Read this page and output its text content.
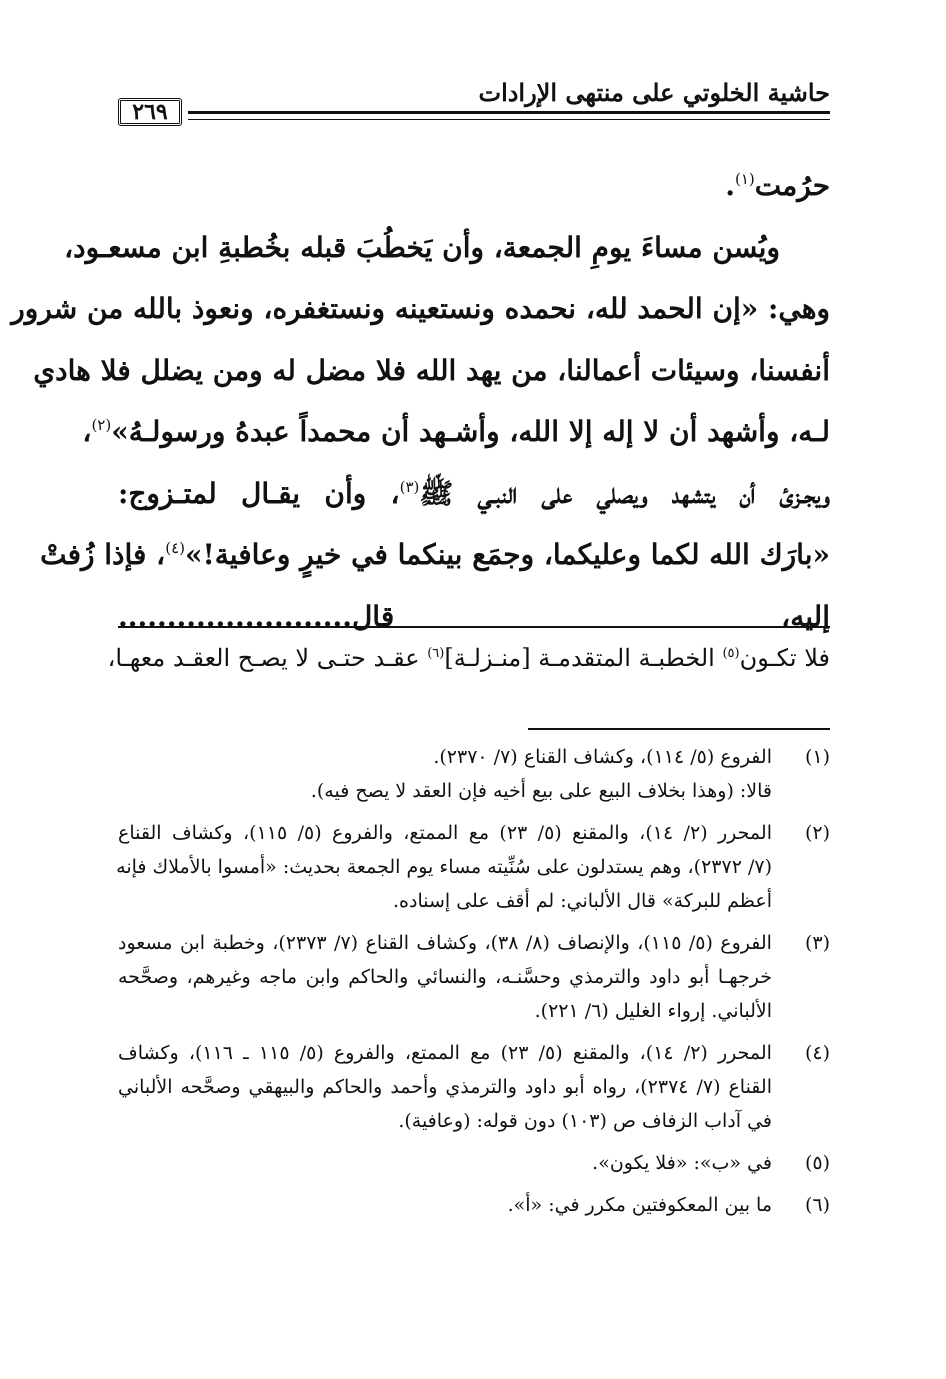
٢٦٩
حاشية الخلوتي على منتهى الإرادات
حرُمت$^{(١)}$.
ويُسن مساءَ يومِ الجمعة، وأن يَخطُبَ قبله بخُطبةِ ابن مسعـود،
وهي: «إن الحمد لله، نحمده ونستعينه ونستغفره، ونعوذ بالله من شرور
أنفسنا، وسيئات أعمالنا، من يهد الله فلا مضل له ومن يضلل فلا هادي
لـه، وأشهد أن لا إله إلا الله، وأشـهد أن محمداً عبدهُ ورسولـهُ»$^{(٢)}$،
ويجـزئ أن يتشهد ويصلي على النبـي ﷺ$^{(٣)}$، وأن يقـال لمتـزوج:
«بارَك الله لكما وعليكما، وجمَع بينكما في خيرٍ وعافية!»$^{(٤)}$، فإذا زُفتْ
إليه، قال........................
فلا تكـون$^{(٥)}$ الخطبـة المتقدمـة [منـزلـة]$^{(٦)}$ عقـد حتـى لا يصـح العقـد معهـا،
(١)
الفروع (٥/ ١١٤)، وكشاف القناع (٧/ ٢٣٧٠).
قالا: (وهذا بخلاف البيع على بيع أخيه فإن العقد لا يصح فيه).
(٢)
المحرر (٢/ ١٤)، والمقنع (٥/ ٢٣) مع الممتع، والفروع (٥/ ١١٥)، وكشاف القناع
(٧/ ٢٣٧٢)، وهم يستدلون على سُنِّيته مساء يوم الجمعة بحديث: «أمسوا بالأملاك فإنه
أعظم للبركة» قال الألباني: لم أقف على إسناده.
(٣)
الفروع (٥/ ١١٥)، والإنصاف (٨/ ٣٨)، وكشاف القناع (٧/ ٢٣٧٣)، وخطبة ابن مسعود
خرجهـا أبو داود والترمذي وحسَّنـه، والنسائي والحاكم وابن ماجه وغيرهم، وصحَّحه
الألباني. إرواء الغليل (٦/ ٢٢١).
(٤)
المحرر (٢/ ١٤)، والمقنع (٥/ ٢٣) مع الممتع، والفروع (٥/ ١١٥ ـ ١١٦)، وكشاف
القناع (٧/ ٢٣٧٤)، رواه أبو داود والترمذي وأحمد والحاكم والبيهقي وصحَّحه الألباني
في آداب الزفاف ص (١٠٣) دون قوله: (وعافية).
(٥)
في «ب»: «فلا يكون».
(٦)
ما بين المعكوفتين مكرر في: «أ».
